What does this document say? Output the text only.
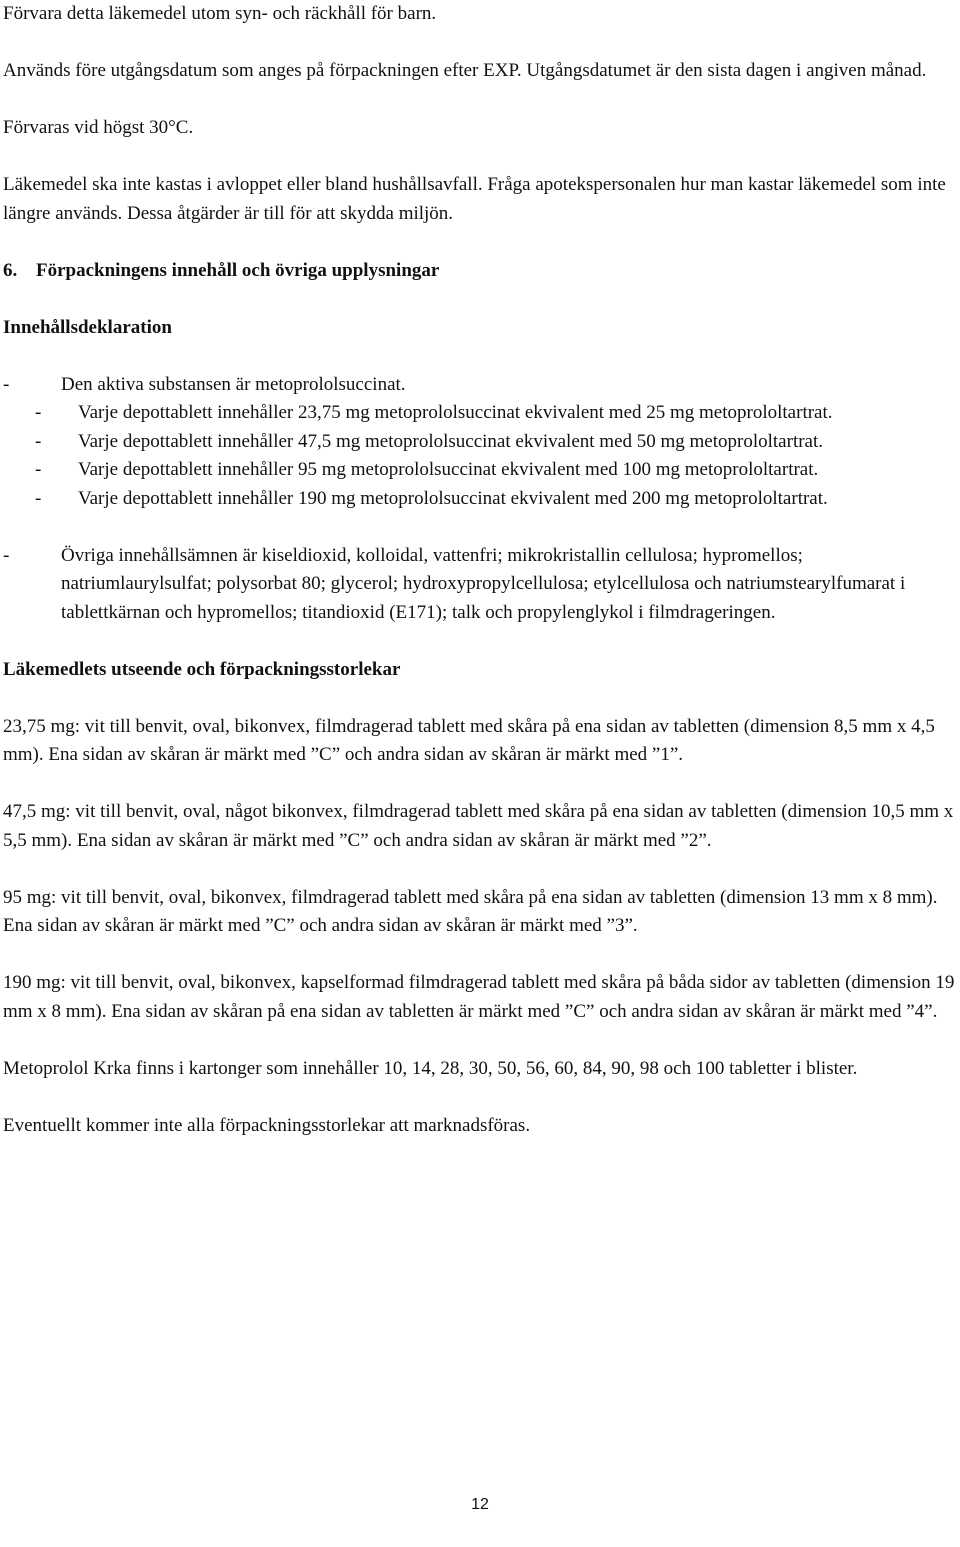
Förvara detta läkemedel utom syn- och räckhåll för barn.

Används före utgångsdatum som anges på förpackningen efter EXP. Utgångsdatumet är den sista dagen i angiven månad.

Förvaras vid högst 30°C.

Läkemedel ska inte kastas i avloppet eller bland hushållsavfall. Fråga apotekspersonalen hur man kastar läkemedel som inte längre används. Dessa åtgärder är till för att skydda miljön.

6. Förpackningens innehåll och övriga upplysningar

Innehållsdeklaration

-	Den aktiva substansen är metoprololsuccinat.
-	Varje depottablett innehåller 23,75 mg metoprololsuccinat ekvivalent med 25 mg metoprololtartrat.
-	Varje depottablett innehåller 47,5 mg metoprololsuccinat ekvivalent med 50 mg metoprololtartrat.
-	Varje depottablett innehåller 95 mg metoprololsuccinat ekvivalent med 100 mg metoprololtartrat.
-	Varje depottablett innehåller 190 mg metoprololsuccinat ekvivalent med 200 mg metoprololtartrat.
-	Övriga innehållsämnen är kiseldioxid, kolloidal, vattenfri; mikrokristallin cellulosa; hypromellos; natriumlaurylsulfat; polysorbat 80; glycerol; hydroxypropylcellulosa; etylcellulosa och natriumstearylfumarat i tablettkärnan och hypromellos; titandioxid (E171); talk och propylenglykol i filmdrageringen.

Läkemedlets utseende och förpackningsstorlekar

23,75 mg: vit till benvit, oval, bikonvex, filmdragerad tablett med skåra på ena sidan av tabletten (dimension 8,5 mm x 4,5 mm). Ena sidan av skåran är märkt med ”C” och andra sidan av skåran är märkt med ”1”.

47,5 mg: vit till benvit, oval, något bikonvex, filmdragerad tablett med skåra på ena sidan av tabletten (dimension 10,5 mm x 5,5 mm). Ena sidan av skåran är märkt med ”C” och andra sidan av skåran är märkt med ”2”.

95 mg: vit till benvit, oval, bikonvex, filmdragerad tablett med skåra på ena sidan av tabletten (dimension 13 mm x 8 mm). Ena sidan av skåran är märkt med ”C” och andra sidan av skåran är märkt med ”3”.

190 mg: vit till benvit, oval, bikonvex, kapselformad filmdragerad tablett med skåra på båda sidor av tabletten (dimension 19 mm x 8 mm). Ena sidan av skåran på ena sidan av tabletten är märkt med ”C” och andra sidan av skåran är märkt med ”4”.

Metoprolol Krka finns i kartonger som innehåller 10, 14, 28, 30, 50, 56, 60, 84, 90, 98 och 100 tabletter i blister.

Eventuellt kommer inte alla förpackningsstorlekar att marknadsföras.

12
